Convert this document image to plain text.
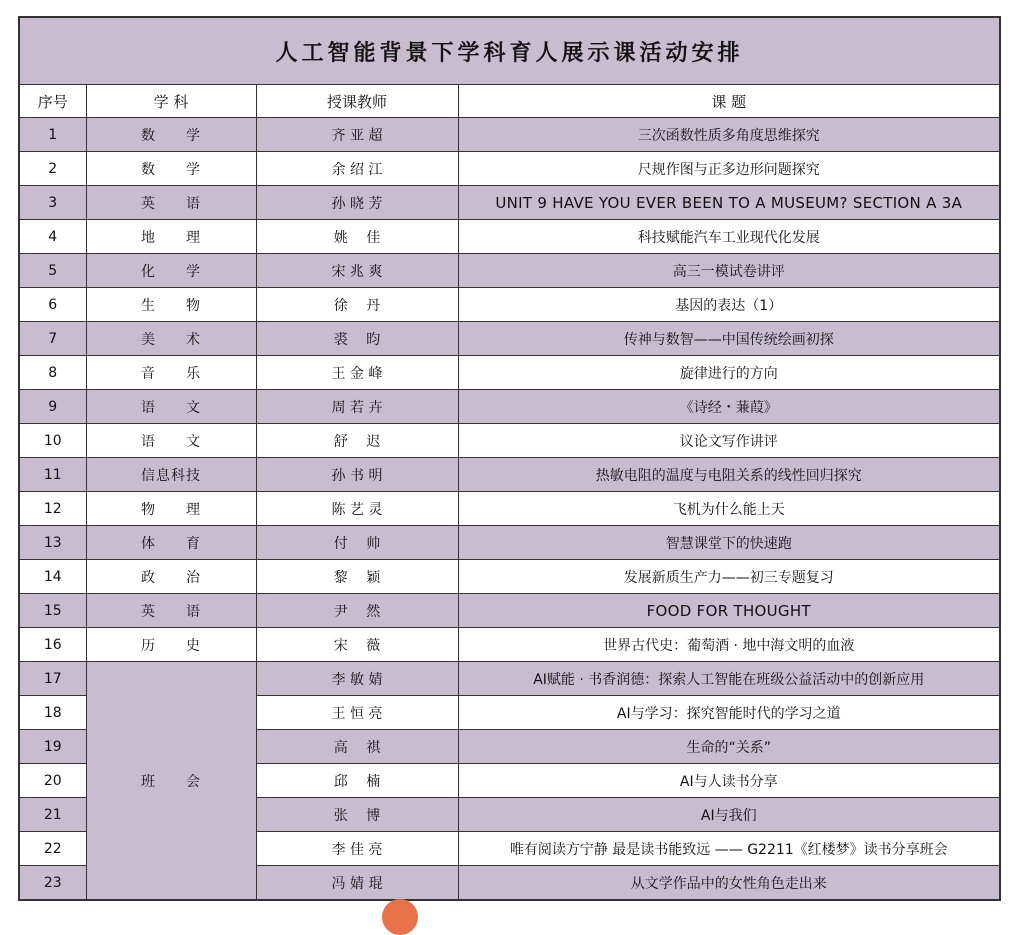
人工智能背景下学科育人展示课活动安排			
序号	学 科	授课教师	课 题
1	数　　学	齐 亚 超	三次函数性质多角度思维探究
2	数　　学	余 绍 江	尺规作图与正多边形问题探究
3	英　　语	孙 晓 芳	UNIT 9 HAVE YOU EVER BEEN TO A MUSEUM? SECTION A 3A
4	地　　理	姚　 佳	科技赋能汽车工业现代化发展
5	化　　学	宋 兆 爽	高三一模试卷讲评
6	生　　物	徐　 丹	基因的表达（1）
7	美　　术	裘　 昀	传神与数智——中国传统绘画初探
8	音　　乐	王 金 峰	旋律进行的方向
9	语　　文	周 若 卉	《诗经・蒹葭》
10	语　　文	舒　 迟	议论文写作讲评
11	信息科技	孙 书 明	热敏电阻的温度与电阻关系的线性回归探究
12	物　　理	陈 艺 灵	飞机为什么能上天
13	体　　育	付　 帅	智慧课堂下的快速跑
14	政　　治	黎　 颖	发展新质生产力——初三专题复习
15	英　　语	尹　 然	FOOD FOR THOUGHT
16	历　　史	宋　 薇	世界古代史：葡萄酒 · 地中海文明的血液
17	班　　会	李 敏 婧	AI赋能 · 书香润德：探索人工智能在班级公益活动中的创新应用
18		王 恒 亮	AI与学习：探究智能时代的学习之道
19		高　 祺	生命的“关系”
20		邱　 楠	AI与人读书分享
21		张　 博	AI与我们
22		李 佳 亮	唯有阅读方宁静 最是读书能致远 —— G2211《红楼梦》读书分享班会
23		冯 婧 琨	从文学作品中的女性角色走出来
